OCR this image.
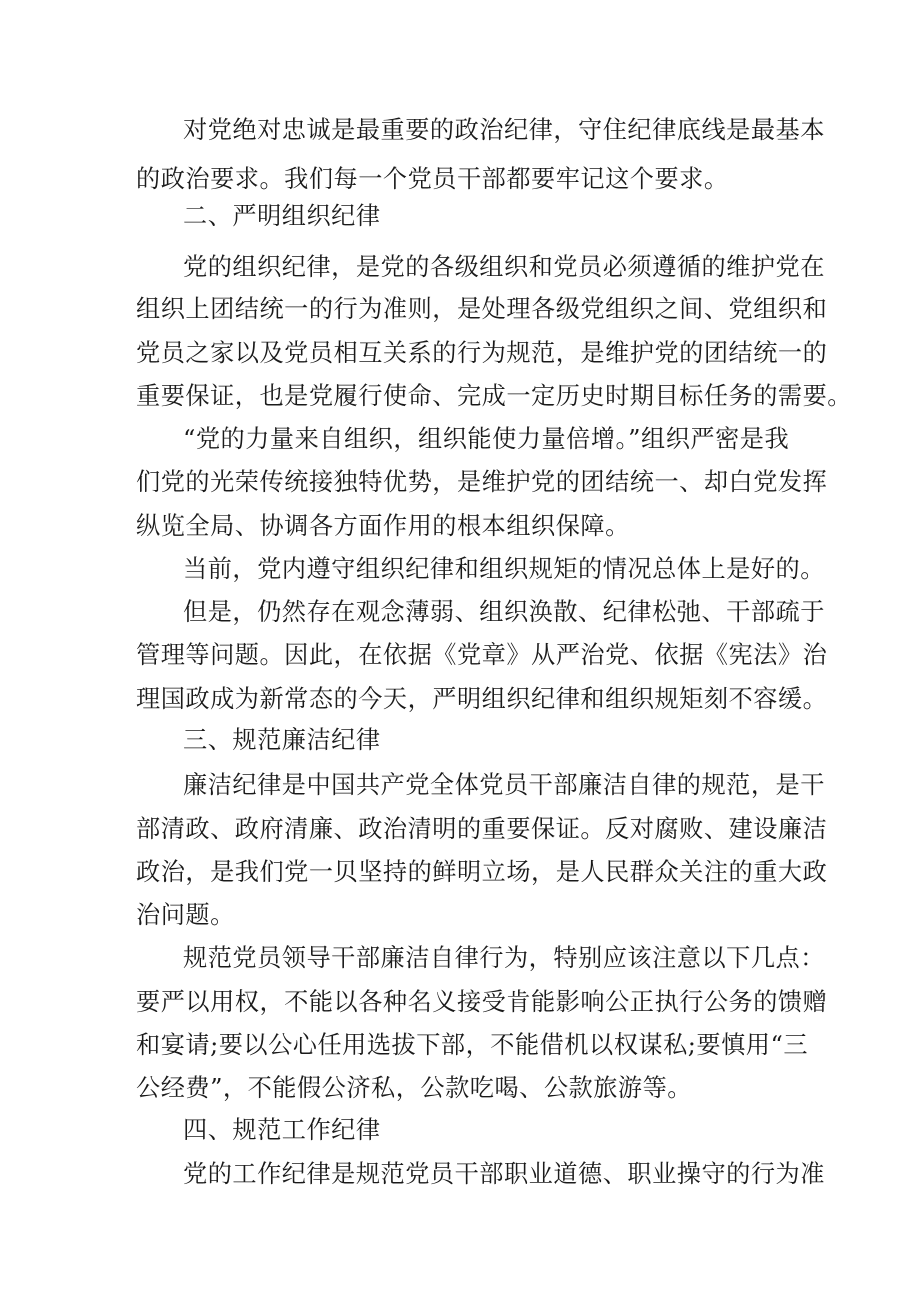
对党绝对忠诚是最重要的政治纪律，守住纪律底线是最基本
的政治要求。我们每一个党员干部都要牢记这个要求。
二、严明组织纪律
党的组织纪律，是党的各级组织和党员必须遵循的维护党在
组织上团结统一的行为准则，是处理各级党组织之间、党组织和
党员之家以及党员相互关系的行为规范，是维护党的团结统一的
重要保证，也是党履行使命、完成一定历史时期目标任务的需要。
“党的力量来自组织，组织能使力量倍增。”组织严密是我
们党的光荣传统接独特优势，是维护党的团结统一、却白党发挥
纵览全局、协调各方面作用的根本组织保障。
当前，党内遵守组织纪律和组织规矩的情况总体上是好的。
但是，仍然存在观念薄弱、组织涣散、纪律松弛、干部疏于
管理等问题。因此，在依据《党章》从严治党、依据《宪法》治
理国政成为新常态的今天，严明组织纪律和组织规矩刻不容缓。
三、规范廉洁纪律
廉洁纪律是中国共产党全体党员干部廉洁自律的规范，是干
部清政、政府清廉、政治清明的重要保证。反对腐败、建设廉洁
政治，是我们党一贝坚持的鲜明立场，是人民群众关注的重大政
治问题。
规范党员领导干部廉洁自律行为，特别应该注意以下几点：
要严以用权，不能以各种名义接受肯能影响公正执行公务的馈赠
和宴请;要以公心任用选拔下部，不能借机以权谋私;要慎用“三
公经费”，不能假公济私，公款吃喝、公款旅游等。
四、规范工作纪律
党的工作纪律是规范党员干部职业道德、职业操守的行为准
